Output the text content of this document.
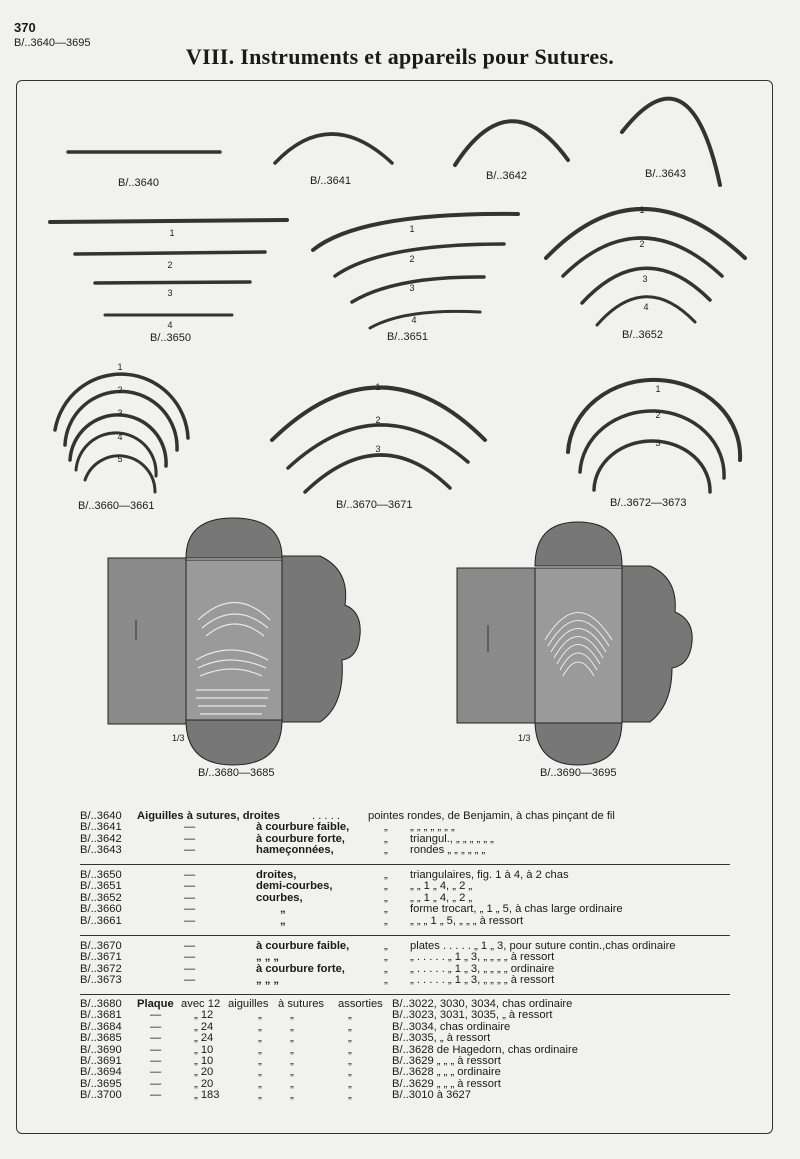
370
B/..3640—3695
VIII. Instruments et appareils pour Sutures.
1
2
3
4
1
2
3
4
1
2
3
4
1
2
3
4
5
1
2
3
1
2
3
B/..3640	B/..3641	B/..3642	B/..3643
B/..3650	B/..3651	B/..3652
B/..3660—3661	B/..3670—3671	B/..3672—3673
B/..3680—3685	B/..3690—3695
1/3	1/3
B/..3640 Aiguilles à sutures, droites	. . . . .	pointes rondes, de Benjamin, à chas pinçant de fil
B/..3641	—	à courbure faible,	„ „ „ „ „ „ „ „
B/..3642	—	à courbure forte,	„ triangul., „ „ „ „ „ „
B/..3643	—	hameçonnées,	„ rondes „ „ „ „ „ „
B/..3650	—	droites,	„ triangulaires, fig. 1 à 4, à 2 chas
B/..3651	—	demi-courbes,	„ „ „ 1 „ 4, „ 2 „
B/..3652	—	courbes,	„ „ „ 1 „ 4, „ 2 „
B/..3660	—	„	„ forme trocart, „ 1 „ 5, à chas large ordinaire
B/..3661	—	„	„ „ „ „ 1 „ 5, „ „ „ à ressort
B/..3670	—	à courbure faible,	„ plates . . . . . „ 1 „ 3, pour suture contin.,chas ordinaire
B/..3671	—	„ „ „	„ „ . . . . . „ 1 „ 3, „ „ „ „ à ressort
B/..3672	—	à courbure forte,	„ „ . . . . . „ 1 „ 3, „ „ „ „ ordinaire
B/..3673	—	„ „ „	„ „ . . . . . „ 1 „ 3, „ „ „ „ à ressort
B/..3680 Plaque avec 12 aiguilles à sutures assorties B/..3022, 3030, 3034, chas ordinaire
B/..3681	—	„ 12	„	„	„	B/..3023, 3031, 3035, „ à ressort
B/..3684	—	„ 24	„	„	„	B/..3034, chas ordinaire
B/..3685	—	„ 24	„	„	„	B/..3035, „ à ressort
B/..3690	—	„ 10	„	„	„	B/..3628 de Hagedorn, chas ordinaire
B/..3691	—	„ 10	„	„	„	B/..3629 „ „ „ à ressort
B/..3694	—	„ 20	„	„	„	B/..3628 „ „ „ ordinaire
B/..3695	—	„ 20	„	„	„	B/..3629 „ „ „ à ressort
B/..3700	—	„ 183	„	„	„	B/..3010 à 3627
